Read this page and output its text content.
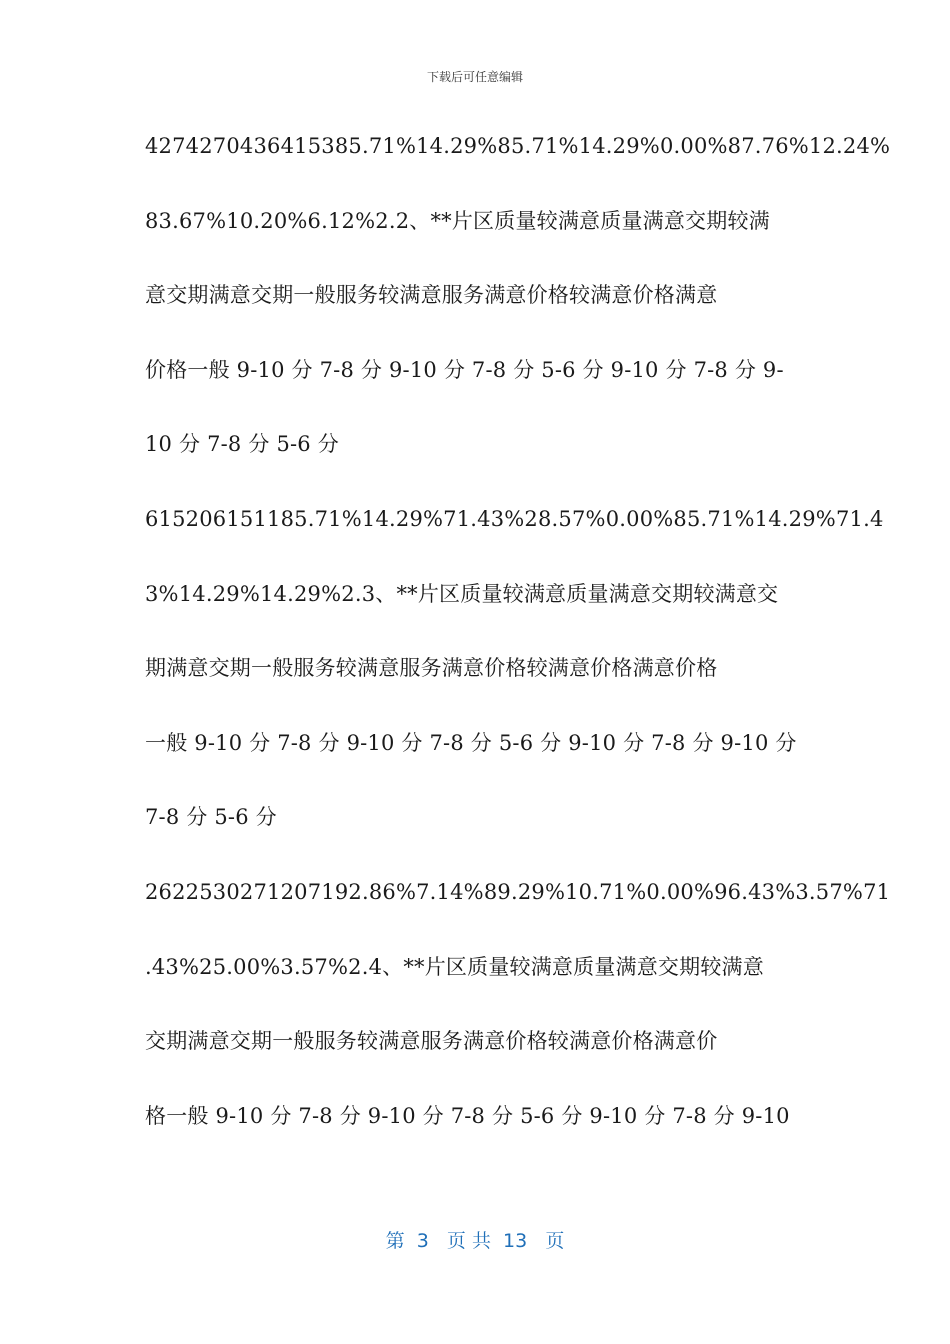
下载后可任意编辑
4274270436415385.71%14.29%85.71%14.29%0.00%87.76%12.24%
83.67%10.20%6.12%2.2、**片区质量较满意质量满意交期较满
意交期满意交期一般服务较满意服务满意价格较满意价格满意
价格一般 9-10 分 7-8 分 9-10 分 7-8 分 5-6 分 9-10 分 7-8 分 9-
10 分 7-8 分 5-6 分
615206151185.71%14.29%71.43%28.57%0.00%85.71%14.29%71.4
3%14.29%14.29%2.3、**片区质量较满意质量满意交期较满意交
期满意交期一般服务较满意服务满意价格较满意价格满意价格
一般 9-10 分 7-8 分 9-10 分 7-8 分 5-6 分 9-10 分 7-8 分 9-10 分
7-8 分 5-6 分
2622530271207192.86%7.14%89.29%10.71%0.00%96.43%3.57%71
.43%25.00%3.57%2.4、**片区质量较满意质量满意交期较满意
交期满意交期一般服务较满意服务满意价格较满意价格满意价
格一般 9-10 分 7-8 分 9-10 分 7-8 分 5-6 分 9-10 分 7-8 分 9-10
第  3   页 共  13   页
